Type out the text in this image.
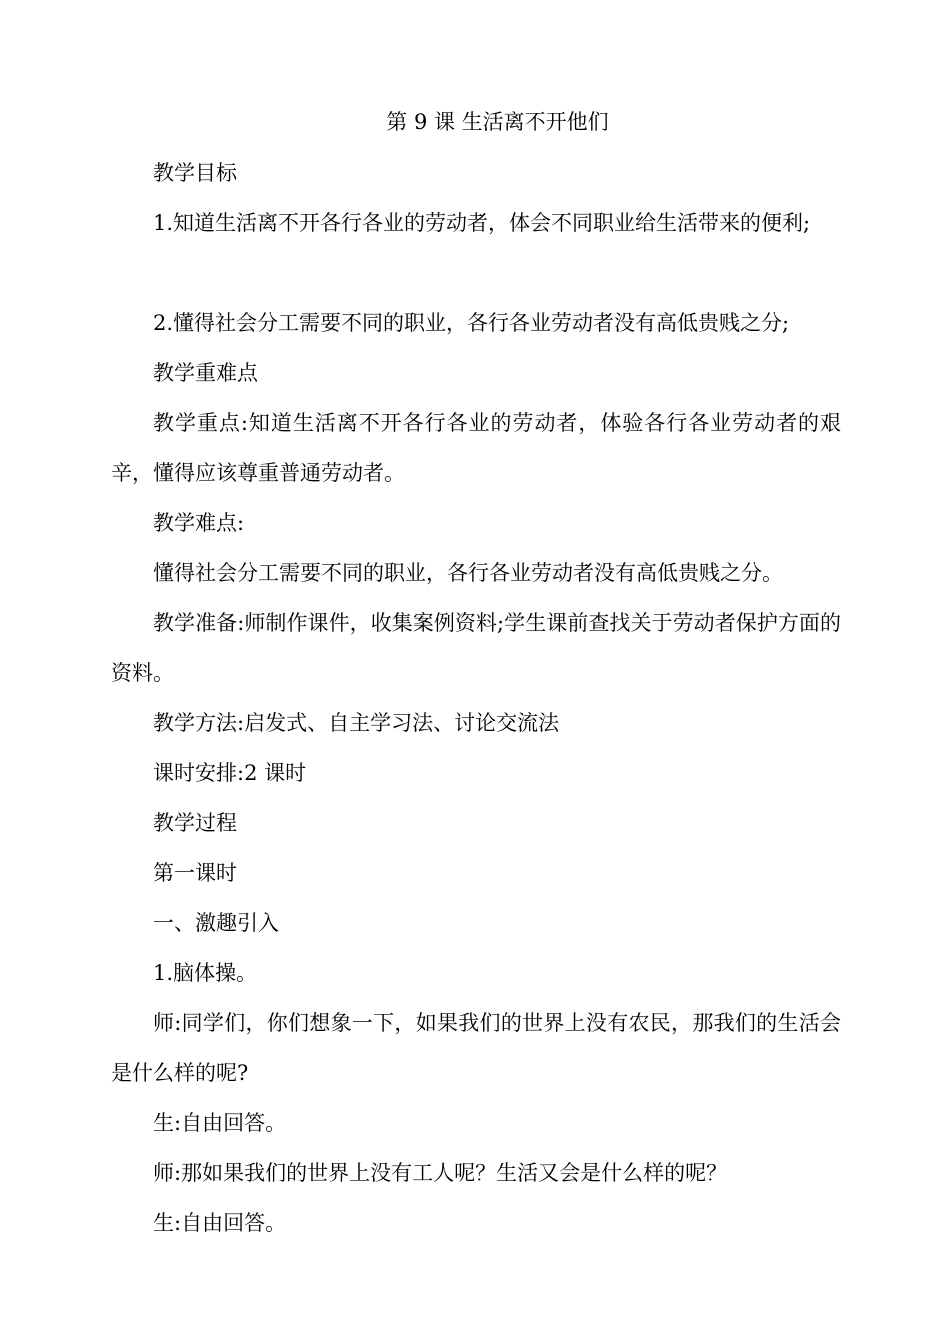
第 9 课 生活离不开他们

教学目标

1.知道生活离不开各行各业的劳动者，体会不同职业给生活带来的便利;

2.懂得社会分工需要不同的职业，各行各业劳动者没有高低贵贱之分;

教学重难点

教学重点:知道生活离不开各行各业的劳动者，体验各行各业劳动者的艰辛，懂得应该尊重普通劳动者。

教学难点:

懂得社会分工需要不同的职业，各行各业劳动者没有高低贵贱之分。

教学准备:师制作课件，收集案例资料;学生课前查找关于劳动者保护方面的资料。

教学方法:启发式、自主学习法、讨论交流法

课时安排:2 课时

教学过程

第一课时

一、激趣引入

1.脑体操。

师:同学们，你们想象一下，如果我们的世界上没有农民，那我们的生活会是什么样的呢?

生:自由回答。

师:那如果我们的世界上没有工人呢？生活又会是什么样的呢？

生:自由回答。
